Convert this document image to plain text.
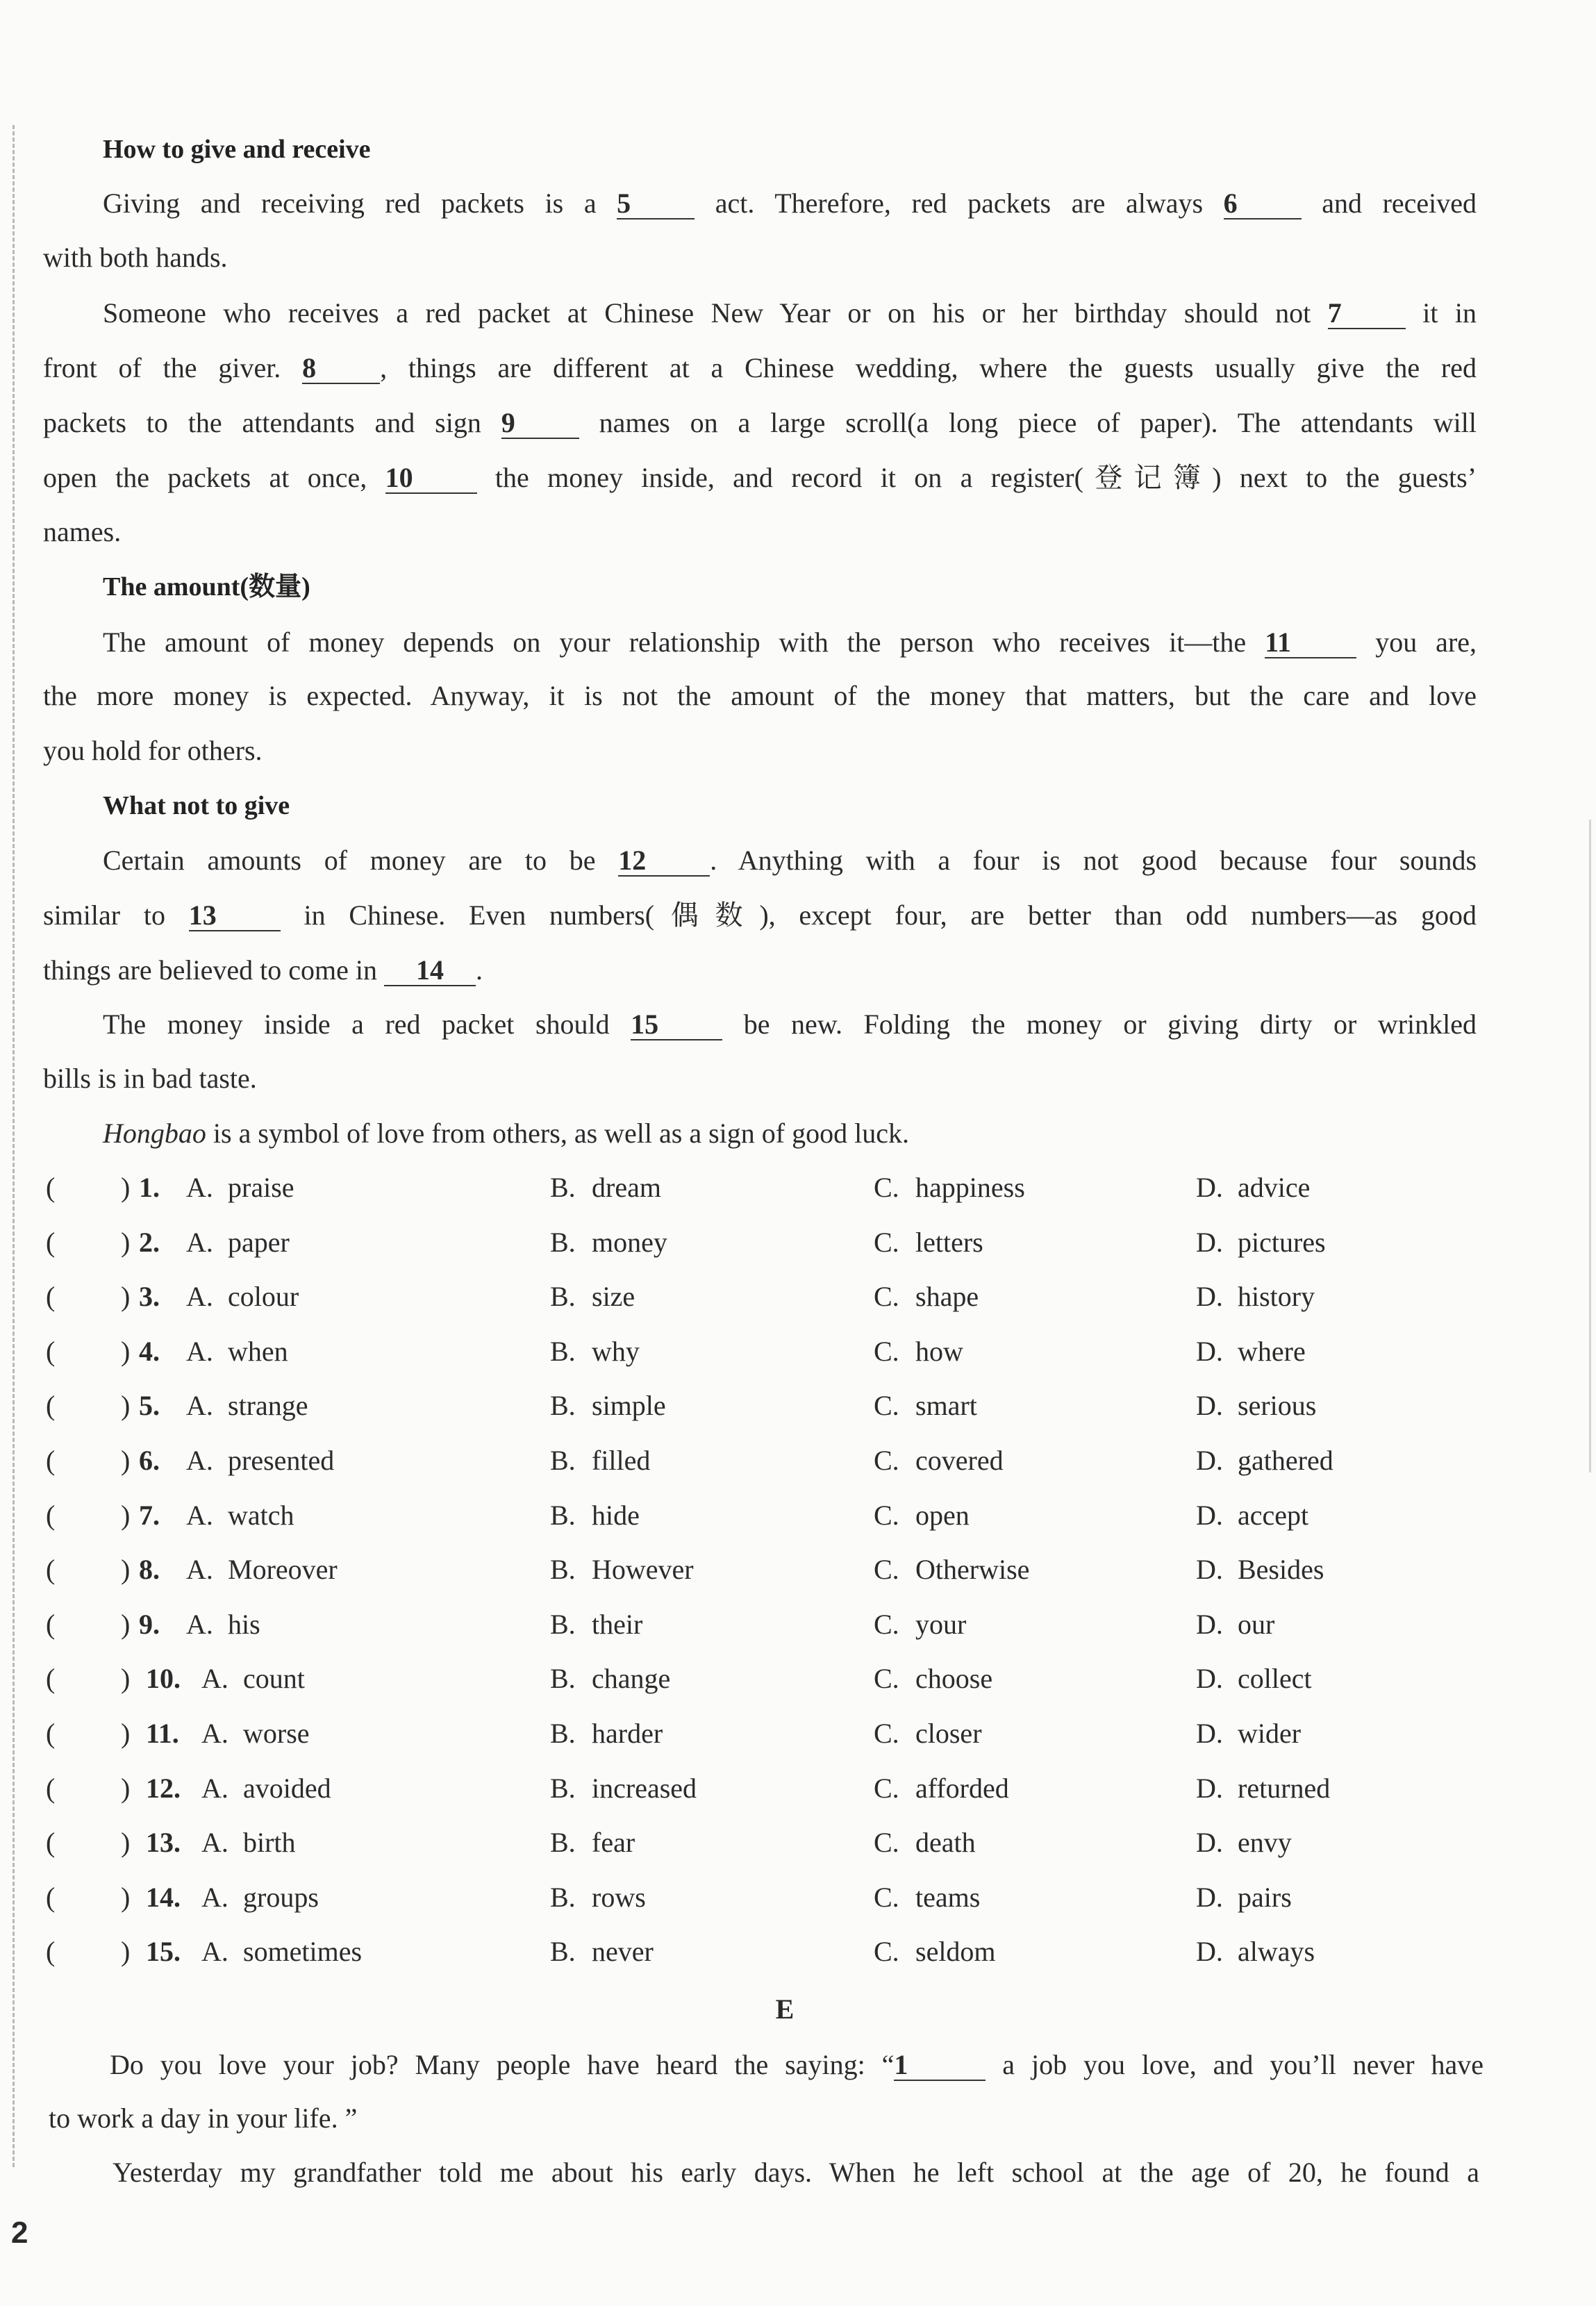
How to give and receive
Giving and receiving red packets is a 5	act. Therefore, red packets are always 6	and received
with both hands.
Someone who receives a red packet at Chinese New Year or on his or her birthday should not 7	it in
front of the giver. 8 , things are different at a Chinese wedding, where the guests usually give the red
packets to the attendants and sign 9	names on a large scroll(a long piece of paper). The attendants will
open the packets at once, 10	the money inside, and record it on a register(登记簿) next to the guests’
names.
The amount(数量)
The amount of money depends on your relationship with the person who receives it—the 11	you are,
the more money is expected. Anyway, it is not the amount of the money that matters, but the care and love
you hold for others.
What not to give
Certain amounts of money are to be 12 . Anything with a four is not good because four sounds
similar to 13	in Chinese. Even numbers(偶数), except four, are better than odd numbers—as good
things are believed to come in 14 .
The money inside a red packet should 15	be new. Folding the money or giving dirty or wrinkled
bills is in bad taste.
Hongbao is a symbol of love from others, as well as a sign of good luck.
( ) 1. A. praise	B. dream	C. happiness	D. advice
( ) 2. A. paper	B. money	C. letters	D. pictures
( ) 3. A. colour	B. size	C. shape	D. history
( ) 4. A. when	B. why	C. how	D. where
( ) 5. A. strange	B. simple	C. smart	D. serious
( ) 6. A. presented	B. filled	C. covered	D. gathered
( ) 7. A. watch	B. hide	C. open	D. accept
( ) 8. A. Moreover	B. However	C. Otherwise	D. Besides
( ) 9. A. his	B. their	C. your	D. our
( ) 10. A. count	B. change	C. choose	D. collect
( ) 11. A. worse	B. harder	C. closer	D. wider
( ) 12. A. avoided	B. increased	C. afforded	D. returned
( ) 13. A. birth	B. fear	C. death	D. envy
( ) 14. A. groups	B. rows	C. teams	D. pairs
( ) 15. A. sometimes	B. never	C. seldom	D. always
E
Do you love your job? Many people have heard the saying: “1	a job you love, and you’ll never have
to work a day in your life. ”
Yesterday my grandfather told me about his early days. When he left school at the age of 20, he found a
2
